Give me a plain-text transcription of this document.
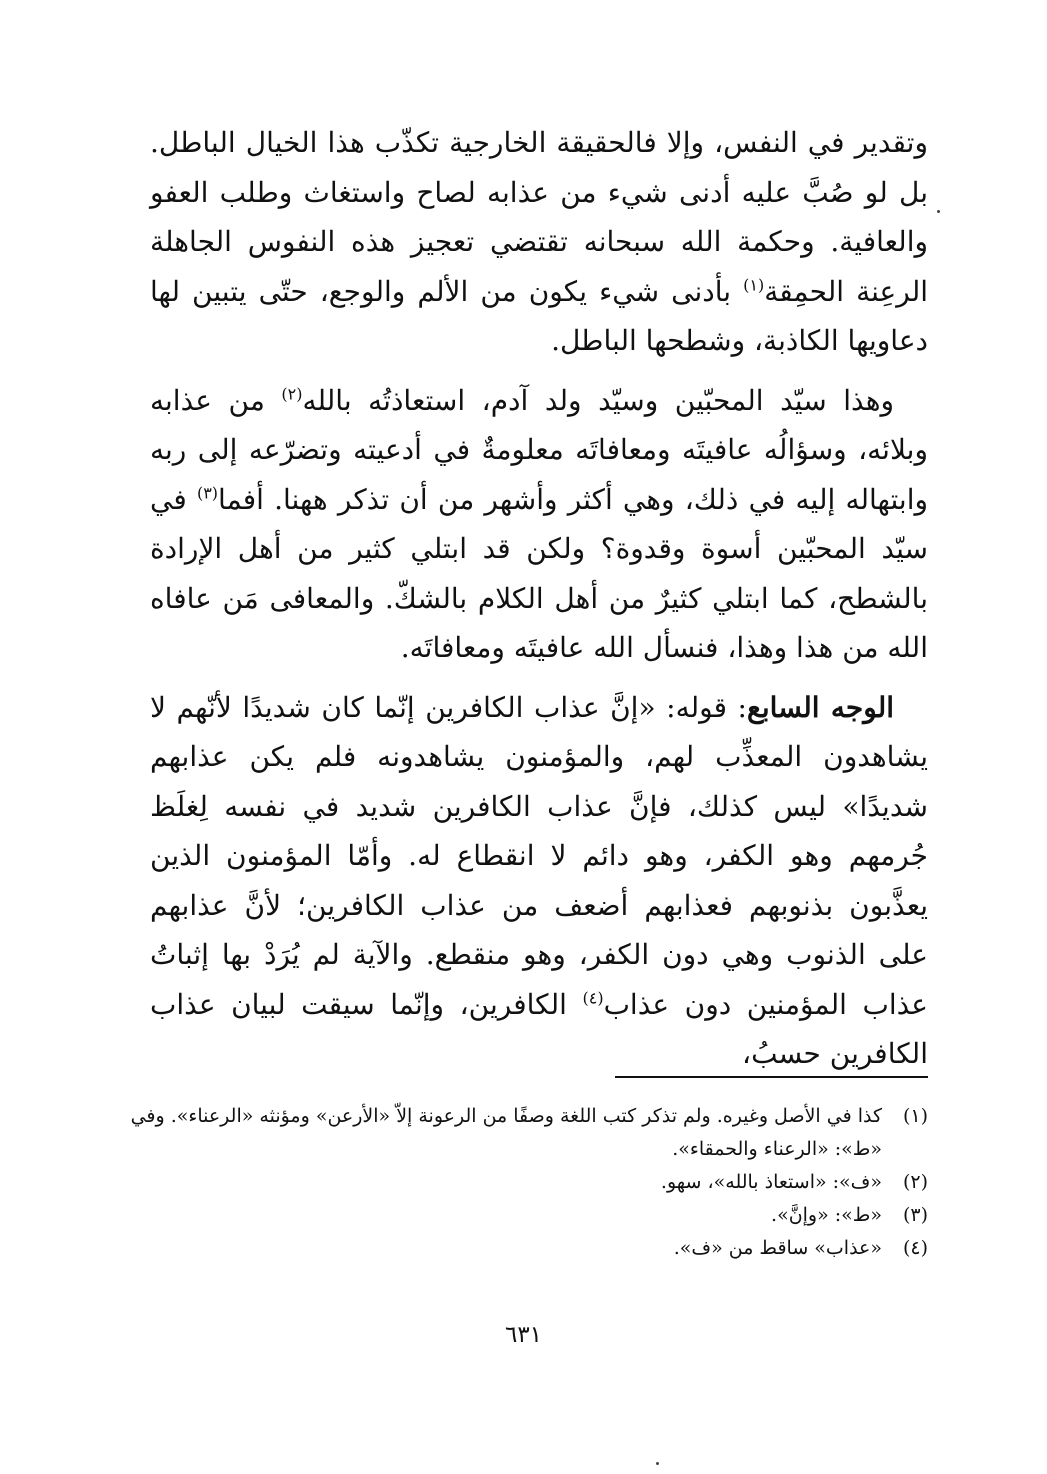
وتقدير في النفس، وإلا فالحقيقة الخارجية تكذّب هذا الخيال الباطل. بل لو صُبَّ عليه أدنى شيء من عذابه لصاح واستغاث وطلب العفو والعافية. وحكمة الله سبحانه تقتضي تعجيز هذه النفوس الجاهلة الرعِنة الحمِقة$^{(١)}$ بأدنى شيء يكون من الألم والوجع، حتّى يتبين لها دعاويها الكاذبة، وشطحها الباطل.

وهذا سيّد المحبّين وسيّد ولد آدم، استعاذتُه بالله$^{(٢)}$ من عذابه وبلائه، وسؤالُه عافيتَه ومعافاتَه معلومةٌ في أدعيته وتضرّعه إلى ربه وابتهاله إليه في ذلك، وهي أكثر وأشهر من أن تذكر ههنا. أفما$^{(٣)}$ في سيّد المحبّين أسوة وقدوة؟ ولكن قد ابتلي كثير من أهل الإرادة بالشطح، كما ابتلي كثيرٌ من أهل الكلام بالشكّ. والمعافى مَن عافاه الله من هذا وهذا، فنسأل الله عافيتَه ومعافاتَه.

الوجه السابع: قوله: «إنَّ عذاب الكافرين إنّما كان شديدًا لأنّهم لا يشاهدون المعذِّب لهم، والمؤمنون يشاهدونه فلم يكن عذابهم شديدًا» ليس كذلك، فإنَّ عذاب الكافرين شديد في نفسه لِغلَظ جُرمهم وهو الكفر، وهو دائم لا انقطاع له. وأمّا المؤمنون الذين يعذَّبون بذنوبهم فعذابهم أضعف من عذاب الكافرين؛ لأنَّ عذابهم على الذنوب وهي دون الكفر، وهو منقطع. والآية لم يُرَدْ بها إثباتُ عذاب المؤمنين دون عذاب$^{(٤)}$ الكافرين، وإنّما سيقت لبيان عذاب الكافرين حسبُ،

(١)
كذا في الأصل وغيره. ولم تذكر كتب اللغة وصفًا من الرعونة إلاّ «الأرعن» ومؤنثه «الرعناء». وفي «ط»: «الرعناء والحمقاء».
(٢)
«ف»: «استعاذ بالله»، سهو.
(٣)
«ط»: «وإنَّ».
(٤)
«عذاب» ساقط من «ف».
٦٣١
